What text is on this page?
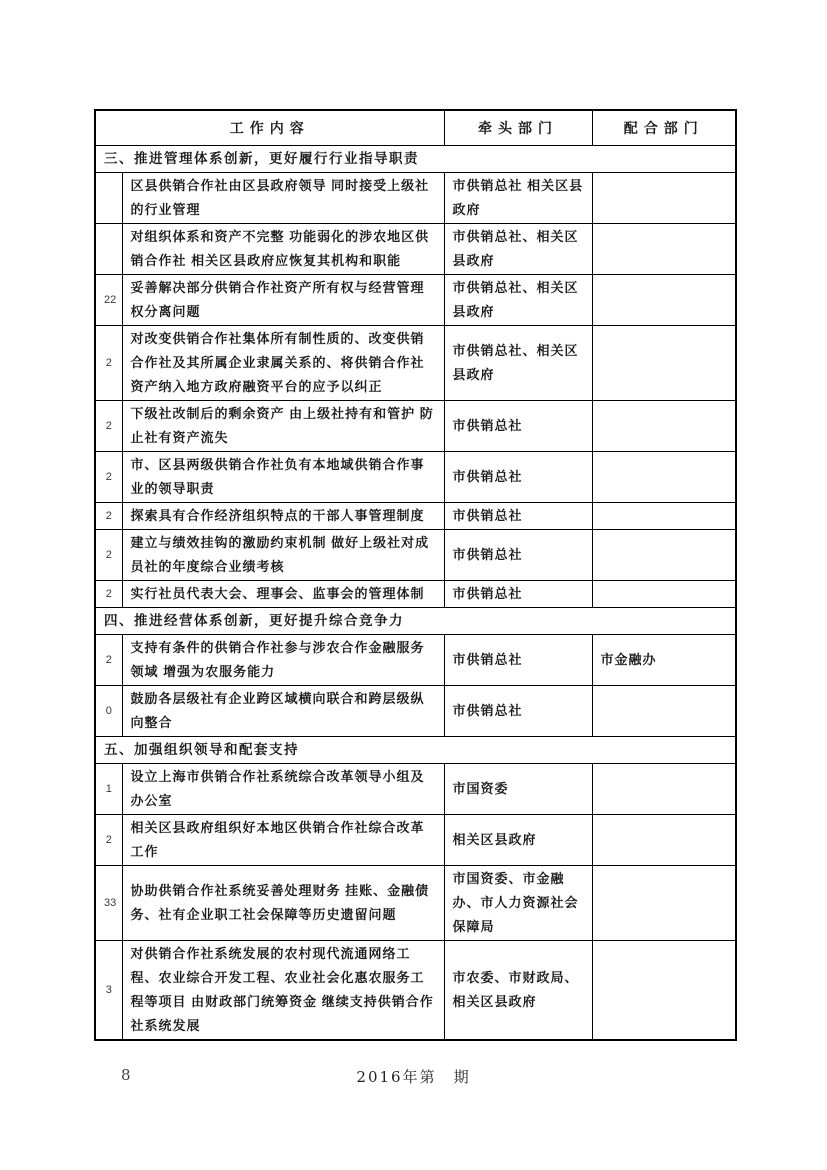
工作内容		牵头部门	配合部门
三、推进管理体系创新，更好履行行业指导职责			
	区县供销合作社由区县政府领导 同时接受上级社的行业管理	市供销总社 相关区县政府	
	对组织体系和资产不完整 功能弱化的涉农地区供销合作社 相关区县政府应恢复其机构和职能	市供销总社、相关区县政府	
22	妥善解决部分供销合作社资产所有权与经营管理权分离问题	市供销总社、相关区县政府	
2	对改变供销合作社集体所有制性质的、改变供销合作社及其所属企业隶属关系的、将供销合作社资产纳入地方政府融资平台的应予以纠正	市供销总社、相关区县政府	
2	下级社改制后的剩余资产 由上级社持有和管护 防止社有资产流失	市供销总社	
2	市、区县两级供销合作社负有本地域供销合作事业的领导职责	市供销总社	
2	探索具有合作经济组织特点的干部人事管理制度	市供销总社	
2	建立与绩效挂钩的激励约束机制 做好上级社对成员社的年度综合业绩考核	市供销总社	
2	实行社员代表大会、理事会、监事会的管理体制	市供销总社	
四、推进经营体系创新，更好提升综合竞争力			
2	支持有条件的供销合作社参与涉农合作金融服务领域 增强为农服务能力	市供销总社	市金融办
0	鼓励各层级社有企业跨区域横向联合和跨层级纵向整合	市供销总社	
五、加强组织领导和配套支持			
1	设立上海市供销合作社系统综合改革领导小组及办公室	市国资委	
2	相关区县政府组织好本地区供销合作社综合改革工作	相关区县政府	
33	协助供销合作社系统妥善处理财务 挂账、金融债务、社有企业职工社会保障等历史遗留问题	市国资委、市金融办、市人力资源社会保障局	
3	对供销合作社系统发展的农村现代流通网络工程、农业综合开发工程、农业社会化惠农服务工程等项目 由财政部门统筹资金 继续支持供销合作社系统发展	市农委、市财政局、相关区县政府	
8	2016年第　期
